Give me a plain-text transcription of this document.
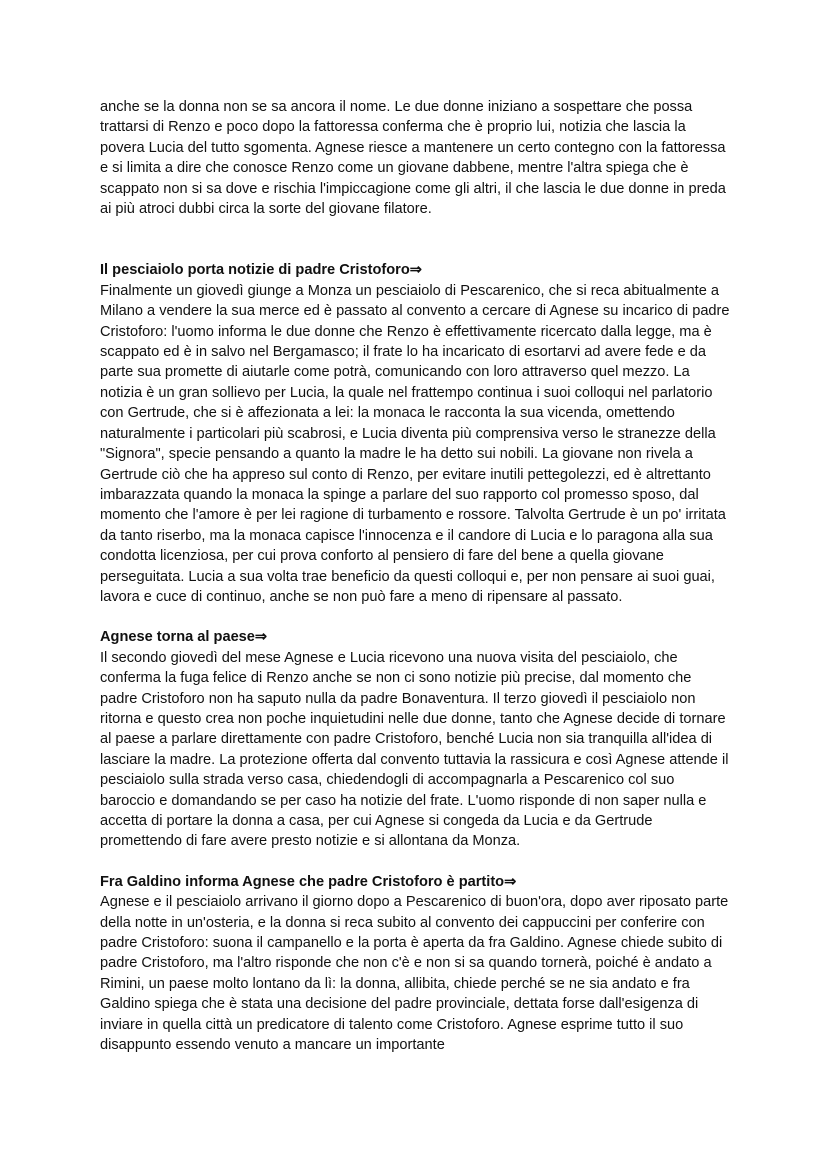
anche se la donna non se sa ancora il nome. Le due donne iniziano a sospettare che possa trattarsi di Renzo e poco dopo la fattoressa conferma che è proprio lui, notizia che lascia la povera Lucia del tutto sgomenta. Agnese riesce a mantenere un certo contegno con la fattoressa e si limita a dire che conosce Renzo come un giovane dabbene, mentre l'altra spiega che è scappato non si sa dove e rischia l'impiccagione come gli altri, il che lascia le due donne in preda ai più atroci dubbi circa la sorte del giovane filatore.

Il pesciaiolo porta notizie di padre Cristoforo⇒

Finalmente un giovedì giunge a Monza un pesciaiolo di Pescarenico, che si reca abitualmente a Milano a vendere la sua merce ed è passato al convento a cercare di Agnese su incarico di padre Cristoforo: l'uomo informa le due donne che Renzo è effettivamente ricercato dalla legge, ma è scappato ed è in salvo nel Bergamasco; il frate lo ha incaricato di esortarvi ad avere fede e da parte sua promette di aiutarle come potrà, comunicando con loro attraverso quel mezzo. La notizia è un gran sollievo per Lucia, la quale nel frattempo continua i suoi colloqui nel parlatorio con Gertrude, che si è affezionata a lei: la monaca le racconta la sua vicenda, omettendo naturalmente i particolari più scabrosi, e Lucia diventa più comprensiva verso le stranezze della "Signora", specie pensando a quanto la madre le ha detto sui nobili. La giovane non rivela a Gertrude ciò che ha appreso sul conto di Renzo, per evitare inutili pettegolezzi, ed è altrettanto imbarazzata quando la monaca la spinge a parlare del suo rapporto col promesso sposo, dal momento che l'amore è per lei ragione di turbamento e rossore. Talvolta Gertrude è un po' irritata da tanto riserbo, ma la monaca capisce l'innocenza e il candore di Lucia e lo paragona alla sua condotta licenziosa, per cui prova conforto al pensiero di fare del bene a quella giovane perseguitata. Lucia a sua volta trae beneficio da questi colloqui e, per non pensare ai suoi guai, lavora e cuce di continuo, anche se non può fare a meno di ripensare al passato.

Agnese torna al paese⇒

Il secondo giovedì del mese Agnese e Lucia ricevono una nuova visita del pesciaiolo, che conferma la fuga felice di Renzo anche se non ci sono notizie più precise, dal momento che padre Cristoforo non ha saputo nulla da padre Bonaventura. Il terzo giovedì il pesciaiolo non ritorna e questo crea non poche inquietudini nelle due donne, tanto che Agnese decide di tornare al paese a parlare direttamente con padre Cristoforo, benché Lucia non sia tranquilla all'idea di lasciare la madre. La protezione offerta dal convento tuttavia la rassicura e così Agnese attende il pesciaiolo sulla strada verso casa, chiedendogli di accompagnarla a Pescarenico col suo baroccio e domandando se per caso ha notizie del frate. L'uomo risponde di non saper nulla e accetta di portare la donna a casa, per cui Agnese si congeda da Lucia e da Gertrude promettendo di fare avere presto notizie e si allontana da Monza.

Fra Galdino informa Agnese che padre Cristoforo è partito⇒

Agnese e il pesciaiolo arrivano il giorno dopo a Pescarenico di buon'ora, dopo aver riposato parte della notte in un'osteria, e la donna si reca subito al convento dei cappuccini per conferire con padre Cristoforo: suona il campanello e la porta è aperta da fra Galdino. Agnese chiede subito di padre Cristoforo, ma l'altro risponde che non c'è e non si sa quando tornerà, poiché è andato a Rimini, un paese molto lontano da lì: la donna, allibita, chiede perché se ne sia andato e fra Galdino spiega che è stata una decisione del padre provinciale, dettata forse dall'esigenza di inviare in quella città un predicatore di talento come Cristoforo. Agnese esprime tutto il suo disappunto essendo venuto a mancare un importante
